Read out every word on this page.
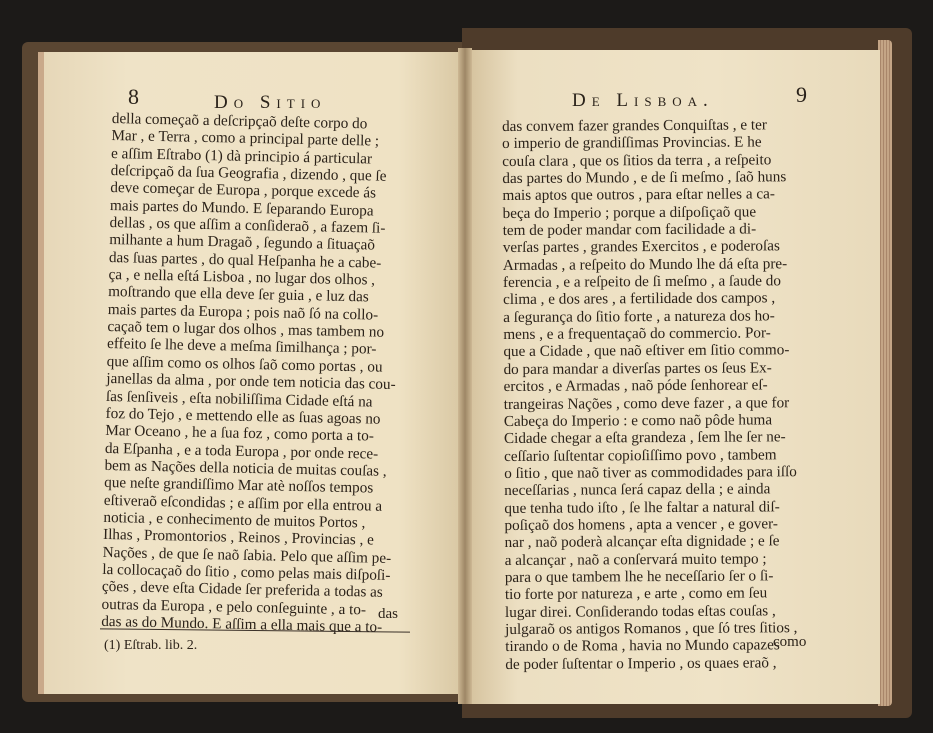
8	Do Sitio
della começaõ a deſcripçaõ deſte corpo do
Mar , e Terra , como a principal parte delle ;
e aſſim Eſtrabo (1) dà principio á particular
deſcripçaõ da ſua Geografia , dizendo , que ſe
deve começar de Europa , porque excede ás
mais partes do Mundo. E ſeparando Europa
dellas , os que aſſim a conſideraõ , a fazem ſi-
milhante a hum Dragaõ , ſegundo a ſituaçaõ
das ſuas partes , do qual Heſpanha he a cabe-
ça , e nella eſtá Lisboa , no lugar dos olhos ,
moſtrando que ella deve ſer guia , e luz das
mais partes da Europa ; pois naõ ſó na collo-
caçaõ tem o lugar dos olhos , mas tambem no
effeito ſe lhe deve a meſma ſimilhança ; por-
que aſſim como os olhos ſaõ como portas , ou
janellas da alma , por onde tem noticia das cou-
ſas ſenſiveis , eſta nobiliſſima Cidade eſtá na
foz do Tejo , e mettendo elle as ſuas agoas no
Mar Oceano , he a ſua foz , como porta a to-
da Eſpanha , e a toda Europa , por onde rece-
bem as Nações della noticia de muitas couſas ,
que neſte grandiſſimo Mar atè noſſos tempos
eſtiveraõ eſcondidas ; e aſſim por ella entrou a
noticia , e conhecimento de muitos Portos ,
Ilhas , Promontorios , Reinos , Provincias , e
Nações , de que ſe naõ ſabia. Pelo que aſſim pe-
la collocaçaõ do ſitio , como pelas mais diſpoſi-
ções , deve eſta Cidade ſer preferida a todas as
outras da Europa , e pelo conſeguinte , a to-
das as do Mundo. E aſſim a ella mais que a to-
das
(1) Eſtrab. lib. 2.
De Lisboa.	9
das convem fazer grandes Conquiſtas , e ter
o imperio de grandiſſimas Provincias. E he
couſa clara , que os ſitios da terra , a reſpeito
das partes do Mundo , e de ſi meſmo , ſaõ huns
mais aptos que outros , para eſtar nelles a ca-
beça do Imperio ; porque a diſpoſiçaõ que
tem de poder mandar com facilidade a di-
verſas partes , grandes Exercitos , e poderoſas
Armadas , a reſpeito do Mundo lhe dá eſta pre-
ferencia , e a reſpeito de ſi meſmo , a ſaude do
clima , e dos ares , a fertilidade dos campos ,
a ſegurança do ſitio forte , a natureza dos ho-
mens , e a frequentaçaõ do commercio. Por-
que a Cidade , que naõ eſtiver em ſitio commo-
do para mandar a diverſas partes os ſeus Ex-
ercitos , e Armadas , naõ póde ſenhorear eſ-
trangeiras Nações , como deve fazer , a que for
Cabeça do Imperio : e como naõ pôde huma
Cidade chegar a eſta grandeza , ſem lhe ſer ne-
ceſſario ſuſtentar copioſiſſimo povo , tambem
o ſitio , que naõ tiver as commodidades para iſſo
neceſſarias , nunca ſerá capaz della ; e ainda
que tenha tudo iſto , ſe lhe faltar a natural diſ-
poſiçaõ dos homens , apta a vencer , e gover-
nar , naõ poderà alcançar eſta dignidade ; e ſe
a alcançar , naõ a conſervará muito tempo ;
para o que tambem lhe he neceſſario ſer o ſi-
tio forte por natureza , e arte , como em ſeu
lugar direi. Conſiderando todas eſtas couſas ,
julgaraõ os antigos Romanos , que ſó tres ſitios ,
tirando o de Roma , havia no Mundo capazes
de poder ſuſtentar o Imperio , os quaes eraõ ,
como
